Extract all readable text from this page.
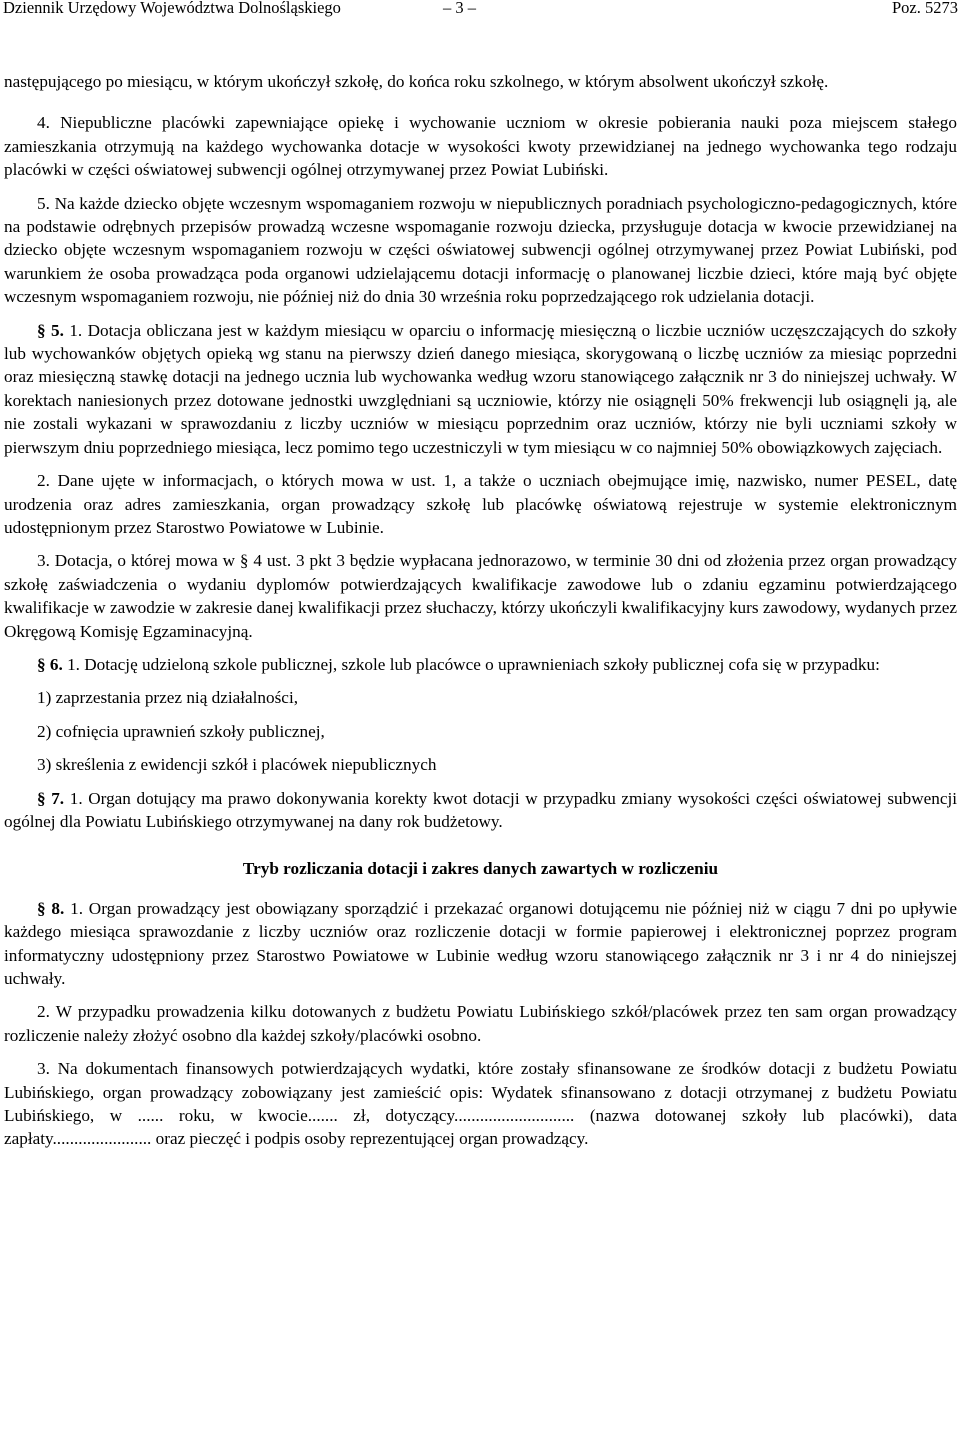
Dziennik Urzędowy Województwa Dolnośląskiego	– 3 –	Poz. 5273

następującego po miesiącu, w którym ukończył szkołę, do końca roku szkolnego, w którym absolwent ukończył szkołę.

4. Niepubliczne placówki zapewniające opiekę i wychowanie uczniom w okresie pobierania nauki poza miejscem stałego zamieszkania otrzymują na każdego wychowanka dotacje w wysokości kwoty przewidzianej na jednego wychowanka tego rodzaju placówki w części oświatowej subwencji ogólnej otrzymywanej przez Powiat Lubiński.

5. Na każde dziecko objęte wczesnym wspomaganiem rozwoju w niepublicznych poradniach psychologiczno-pedagogicznych, które na podstawie odrębnych przepisów prowadzą wczesne wspomaganie rozwoju dziecka, przysługuje dotacja w kwocie przewidzianej na dziecko objęte wczesnym wspomaganiem rozwoju w części oświatowej subwencji ogólnej otrzymywanej przez Powiat Lubiński, pod warunkiem że osoba prowadząca poda organowi udzielającemu dotacji informację o planowanej liczbie dzieci, które mają być objęte wczesnym wspomaganiem rozwoju, nie później niż do dnia 30 września roku poprzedzającego rok udzielania dotacji.

§ 5. 1. Dotacja obliczana jest w każdym miesiącu w oparciu o informację miesięczną o liczbie uczniów uczęszczających do szkoły lub wychowanków objętych opieką wg stanu na pierwszy dzień danego miesiąca, skorygowaną o liczbę uczniów za miesiąc poprzedni oraz miesięczną stawkę dotacji na jednego ucznia lub wychowanka według wzoru stanowiącego załącznik nr 3 do niniejszej uchwały. W korektach naniesionych przez dotowane jednostki uwzględniani są uczniowie, którzy nie osiągnęli 50% frekwencji lub osiągnęli ją, ale nie zostali wykazani w sprawozdaniu z liczby uczniów w miesiącu poprzednim oraz uczniów, którzy nie byli uczniami szkoły w pierwszym dniu poprzedniego miesiąca, lecz pomimo tego uczestniczyli w tym miesiącu w co najmniej 50% obowiązkowych zajęciach.

2. Dane ujęte w informacjach, o których mowa w ust. 1, a także o uczniach obejmujące imię, nazwisko, numer PESEL, datę urodzenia oraz adres zamieszkania, organ prowadzący szkołę lub placówkę oświatową rejestruje w systemie elektronicznym udostępnionym przez Starostwo Powiatowe w Lubinie.

3. Dotacja, o której mowa w § 4 ust. 3 pkt 3 będzie wypłacana jednorazowo, w terminie 30 dni od złożenia przez organ prowadzący szkołę zaświadczenia o wydaniu dyplomów potwierdzających kwalifikacje zawodowe lub o zdaniu egzaminu potwierdzającego kwalifikacje w zawodzie w zakresie danej kwalifikacji przez słuchaczy, którzy ukończyli kwalifikacyjny kurs zawodowy, wydanych przez Okręgową Komisję Egzaminacyjną.

§ 6. 1. Dotację udzieloną szkole publicznej, szkole lub placówce o uprawnieniach szkoły publicznej cofa się w przypadku:

1) zaprzestania przez nią działalności,

2) cofnięcia uprawnień szkoły publicznej,

3) skreślenia z ewidencji szkół i placówek niepublicznych

§ 7. 1. Organ dotujący ma prawo dokonywania korekty kwot dotacji w przypadku zmiany wysokości części oświatowej subwencji ogólnej dla Powiatu Lubińskiego otrzymywanej na dany rok budżetowy.

Tryb rozliczania dotacji i zakres danych zawartych w rozliczeniu

§ 8. 1. Organ prowadzący jest obowiązany sporządzić i przekazać organowi dotującemu nie później niż w ciągu 7 dni po upływie każdego miesiąca sprawozdanie z liczby uczniów oraz rozliczenie dotacji w formie papierowej i elektronicznej poprzez program informatyczny udostępniony przez Starostwo Powiatowe w Lubinie według wzoru stanowiącego załącznik nr 3 i nr 4 do niniejszej uchwały.

2. W przypadku prowadzenia kilku dotowanych z budżetu Powiatu Lubińskiego szkół/placówek przez ten sam organ prowadzący rozliczenie należy złożyć osobno dla każdej szkoły/placówki osobno.

3. Na dokumentach finansowych potwierdzających wydatki, które zostały sfinansowane ze środków dotacji z budżetu Powiatu Lubińskiego, organ prowadzący zobowiązany jest zamieścić opis: Wydatek sfinansowano z dotacji otrzymanej z budżetu Powiatu Lubińskiego, w ...... roku, w kwocie....... zł, dotyczący............................ (nazwa dotowanej szkoły lub placówki), data zapłaty....................... oraz pieczęć i podpis osoby reprezentującej organ prowadzący.
